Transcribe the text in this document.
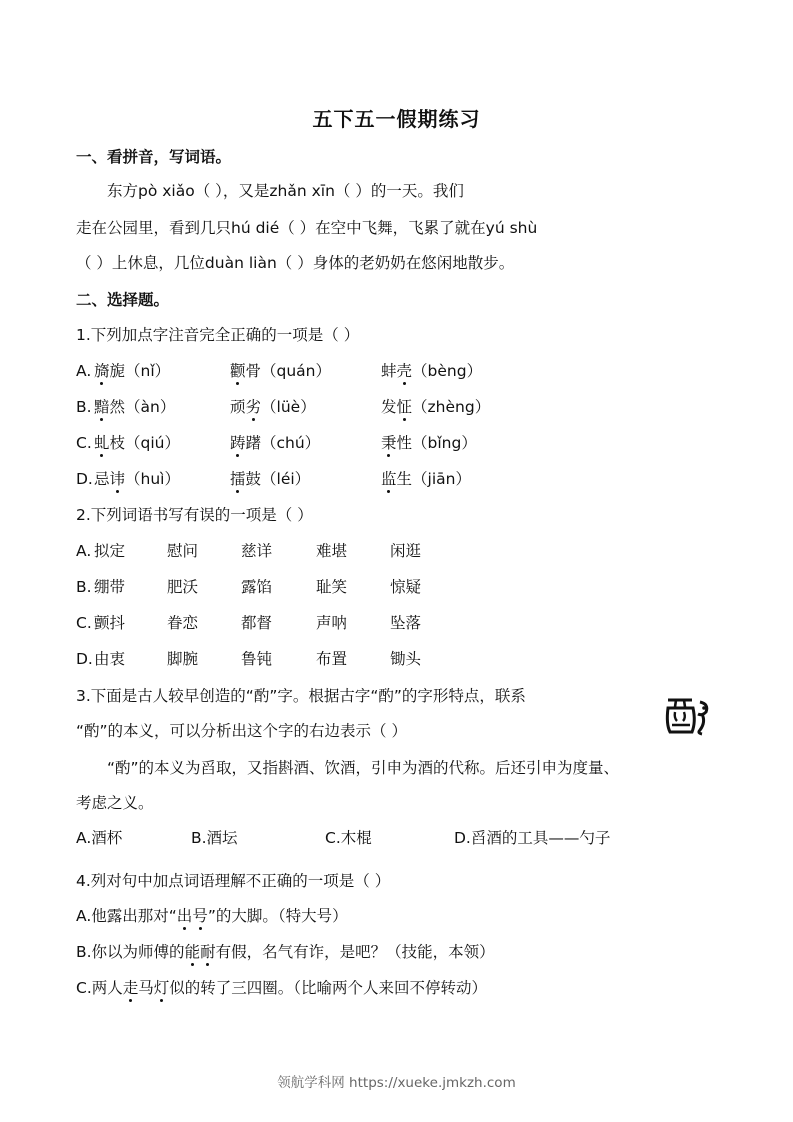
五下五一假期练习
一、看拼音，写词语。
东方pò xiǎo（ ），又是zhǎn xīn（ ）的一天。我们
走在公园里，看到几只hú dié（ ）在空中飞舞，飞累了就在yú shù
（ ）上休息，几位duàn liàn（ ）身体的老奶奶在悠闲地散步。
二、选择题。
1.下列加点字注音完全正确的一项是（ ）
A. 旖旎（nǐ）	颧骨（quán）	蚌壳（bèng）
B. 黯然（àn）	顽劣（lüè）	发怔（zhèng）
C. 虬枝（qiú）	踌躇（chú）	秉性（bǐng）
D. 忌讳（huì）	擂鼓（léi）	监生（jiān）
2.下列词语书写有误的一项是（ ）
A. 拟定	慰问	慈详	难堪	闲逛
B. 绷带	肥沃	露馅	耻笑	惊疑
C. 颤抖	眷恋	都督	声呐	坠落
D. 由衷	脚腕	鲁钝	布置	锄头
3.下面是古人较早创造的“酌”字。根据古字“酌”的字形特点，联系
“酌”的本义，可以分析出这个字的右边表示（ ）
“酌”的本义为舀取，又指斟酒、饮酒，引申为酒的代称。后还引申为度量、
考虑之义。
A.酒杯	B.酒坛	C.木棍	D.舀酒的工具——勺子
4.列对句中加点词语理解不正确的一项是（ ）
A.他露出那对“出号”的大脚。（特大号）
B.你以为师傅的能耐有假，名气有诈，是吧？（技能，本领）
C.两人走马灯似的转了三四圈。（比喻两个人来回不停转动）
领航学科网 https://xueke.jmkzh.com
